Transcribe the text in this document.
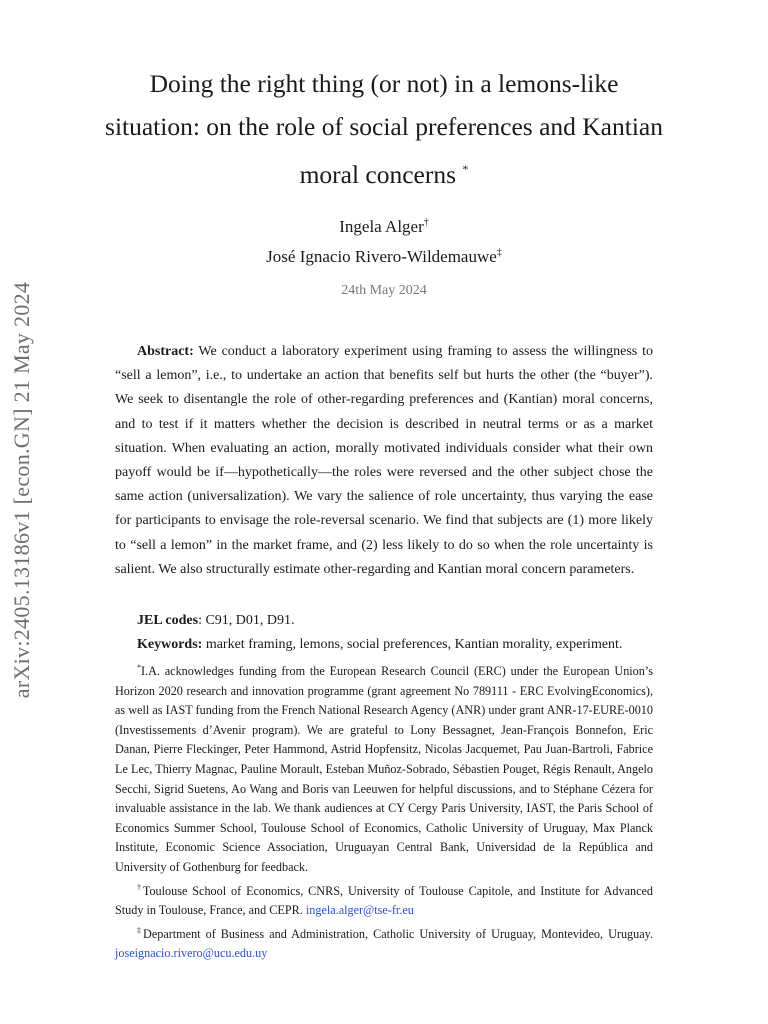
arXiv:2405.13186v1 [econ.GN] 21 May 2024
Doing the right thing (or not) in a lemons-like situation: on the role of social preferences and Kantian moral concerns *
Ingela Alger†
José Ignacio Rivero-Wildemauwe‡
24th May 2024

Abstract: We conduct a laboratory experiment using framing to assess the willingness to “sell a lemon”, i.e., to undertake an action that benefits self but hurts the other (the “buyer”). We seek to disentangle the role of other-regarding preferences and (Kantian) moral concerns, and to test if it matters whether the decision is described in neutral terms or as a market situation. When evaluating an action, morally motivated individuals consider what their own payoff would be if—hypothetically—the roles were reversed and the other subject chose the same action (universalization). We vary the salience of role uncertainty, thus varying the ease for participants to envisage the role-reversal scenario. We find that subjects are (1) more likely to “sell a lemon” in the market frame, and (2) less likely to do so when the role uncertainty is salient. We also structurally estimate other-regarding and Kantian moral concern parameters.

JEL codes: C91, D01, D91.
Keywords: market framing, lemons, social preferences, Kantian morality, experiment.

*I.A. acknowledges funding from the European Research Council (ERC) under the European Union’s Horizon 2020 research and innovation programme (grant agreement No 789111 - ERC EvolvingEconomics), as well as IAST funding from the French National Research Agency (ANR) under grant ANR-17-EURE-0010 (Investissements d’Avenir program). We are grateful to Lony Bessagnet, Jean-François Bonnefon, Eric Danan, Pierre Fleckinger, Peter Hammond, Astrid Hopfensitz, Nicolas Jacquemet, Pau Juan-Bartroli, Fabrice Le Lec, Thierry Magnac, Pauline Morault, Esteban Muñoz-Sobrado, Sébastien Pouget, Régis Renault, Angelo Secchi, Sigrid Suetens, Ao Wang and Boris van Leeuwen for helpful discussions, and to Stéphane Cézera for invaluable assistance in the lab. We thank audiences at CY Cergy Paris University, IAST, the Paris School of Economics Summer School, Toulouse School of Economics, Catholic University of Uruguay, Max Planck Institute, Economic Science Association, Uruguayan Central Bank, Universidad de la República and University of Gothenburg for feedback.

†Toulouse School of Economics, CNRS, University of Toulouse Capitole, and Institute for Advanced Study in Toulouse, France, and CEPR. ingela.alger@tse-fr.eu

‡Department of Business and Administration, Catholic University of Uruguay, Montevideo, Uruguay. joseignacio.rivero@ucu.edu.uy
